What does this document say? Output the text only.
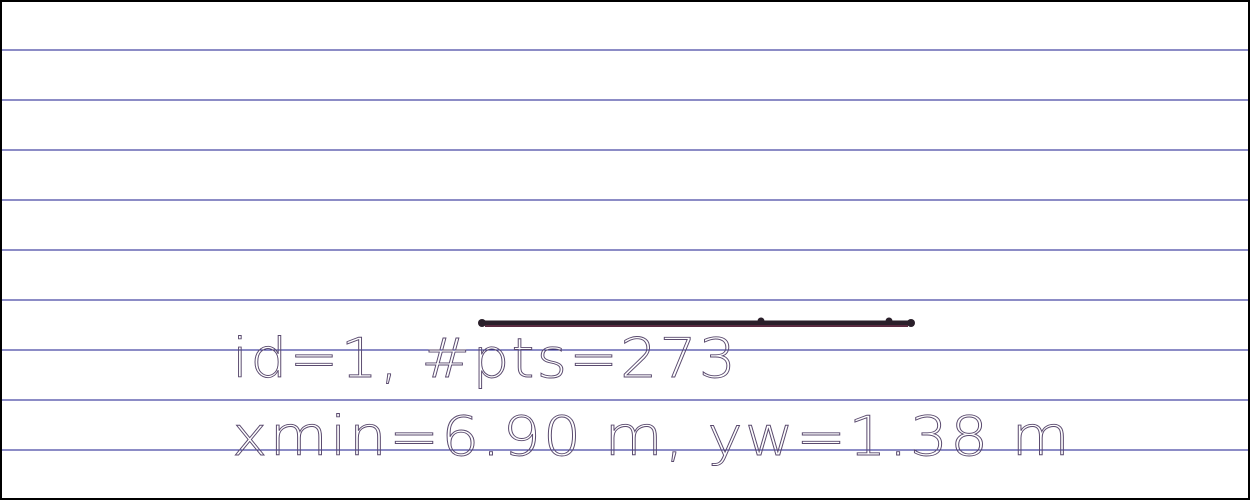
id=1, #pts=273
xmin=6.90 m, yw=1.38 m
